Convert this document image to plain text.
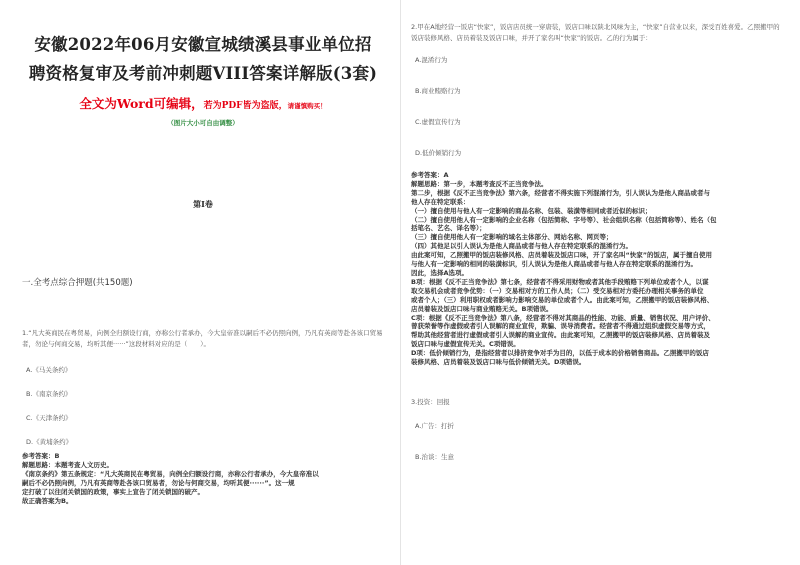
安徽2022年06月安徽宣城绩溪县事业单位招
聘资格复审及考前冲刺题VIII答案详解版(3套)
全文为Word可编辑，若为PDF皆为盗版，请谨慎购买！
（图片大小可自由调整）
第I卷
一.全考点综合押题(共150题)
1.“凡大英商民在粤贸易，向例全归额设行商，亦称公行者承办，今大皇帝准以嗣后不必仍照向例，乃凡有英商等赴各该口贸易者，勿论与何商交易，均听其便······”这段材料对应的是（　　）。
A.《马关条约》
B.《南京条约》
C.《天津条约》
D.《黄埔条约》
参考答案：B
解题思路：本题考查人文历史。
《南京条约》第五条规定：“凡大英商民在粤贸易，向例全归额设行商，亦称公行者承办，今大皇帝准以
嗣后不必仍照向例，乃凡有英商等赴各该口贸易者，勿论与何商交易，均听其便······”。这一规
定打破了以往闭关锁国的政策，事实上宣告了闭关锁国的破产。
故正确答案为B。
2.甲在A地经营一饭店“快家”，饭店店员统一穿唐装，饭店口味以陕北风味为主，“快家”自营业以来，深受百姓喜爱。乙照搬甲的饭店装修风格、店员着装及饭店口味，并开了家名叫“快家”的饭店。乙的行为属于：
A.混淆行为
B.商业贿赂行为
C.虚假宣传行为
D.低价倾销行为
参考答案：A
解题思路：第一步，本题考查反不正当竞争法。
第二步，根据《反不正当竞争法》第六条，经营者不得实施下列混淆行为，引人误认为是他人商品或者与
他人存在特定联系：
（一）擅自使用与他人有一定影响的商品名称、包装、装潢等相同或者近似的标识；
（二）擅自使用他人有一定影响的企业名称（包括简称、字号等）、社会组织名称（包括简称等）、姓名（包
括笔名、艺名、译名等）；
（三）擅自使用他人有一定影响的域名主体部分、网站名称、网页等；
（四）其他足以引人误认为是他人商品或者与他人存在特定联系的混淆行为。
由此案可知，乙照搬甲的饭店装修风格、店员着装及饭店口味，开了家名叫“快家”的饭店，属于擅自使用
与他人有一定影响的相同的装潢标识，引人误认为是他人商品或者与他人存在特定联系的混淆行为。
因此，选择A选项。
B项：根据《反不正当竞争法》第七条，经营者不得采用财物或者其他手段贿赂下列单位或者个人，以谋
取交易机会或者竞争优势：（一）交易相对方的工作人员；（二）受交易相对方委托办理相关事务的单位
或者个人；（三）利用职权或者影响力影响交易的单位或者个人。由此案可知，乙照搬甲的饭店装修风格、
店员着装及饭店口味与商业贿赂无关。B项错误。
C项：根据《反不正当竞争法》第八条，经营者不得对其商品的性能、功能、质量、销售状况、用户评价、
曾获荣誉等作虚假或者引人误解的商业宣传，欺骗、误导消费者。经营者不得通过组织虚假交易等方式，
帮助其他经营者进行虚假或者引人误解的商业宣传。由此案可知，乙照搬甲的饭店装修风格、店员着装及
饭店口味与虚假宣传无关。C项错误。
D项：低价倾销行为，是指经营者以排挤竞争对手为目的，以低于成本的价格销售商品。乙照搬甲的饭店
装修风格、店员着装及饭店口味与低价倾销无关。D项错误。
3.投资：回报
A.广告：打折
B.治谈：生意
